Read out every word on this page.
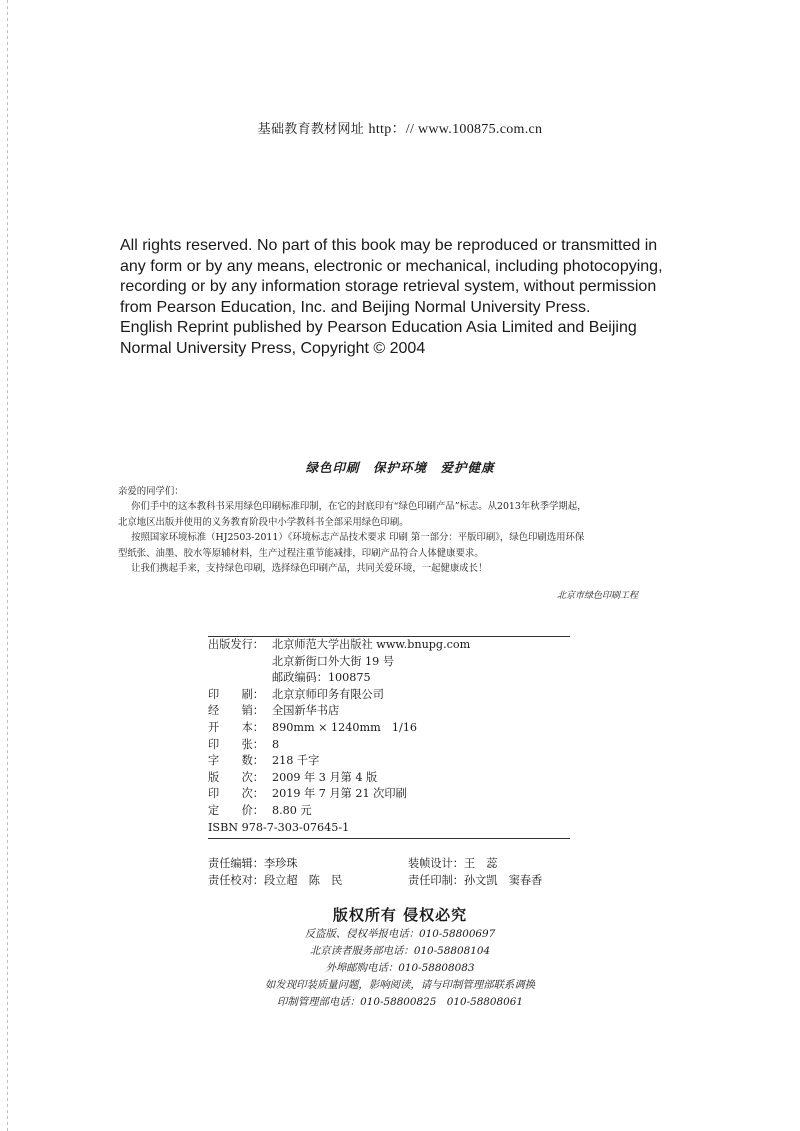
基础教育教材网址 http：// www.100875.com.cn

All rights reserved. No part of this book may be reproduced or transmitted in

any form or by any means, electronic or mechanical, including photocopying,

recording or by any information storage retrieval system, without permission

from Pearson Education, Inc. and Beijing Normal University Press.

English Reprint published by Pearson Education Asia Limited and Beijing

Normal University Press, Copyright © 2004

绿色印刷　保护环境　爱护健康

亲爱的同学们：

你们手中的这本教科书采用绿色印刷标准印制，在它的封底印有“绿色印刷产品”标志。从2013年秋季学期起，

北京地区出版并使用的义务教育阶段中小学教科书全部采用绿色印刷。

按照国家环境标准（HJ2503-2011）《环境标志产品技术要求 印刷 第一部分：平版印刷》，绿色印刷选用环保

型纸张、油墨、胶水等原辅材料，生产过程注重节能减排，印刷产品符合人体健康要求。

让我们携起手来，支持绿色印刷，选择绿色印刷产品，共同关爱环境，一起健康成长！

北京市绿色印刷工程
出版发行： 北京师范大学出版社 www.bnupg.com
北京新街口外大街 19 号
邮政编码：100875
印　　刷： 北京京师印务有限公司
经　　销： 全国新华书店
开　　本： 890mm × 1240mm　1/16
印　　张： 8
字　　数： 218 千字
版　　次： 2009 年 3 月第 4 版
印　　次： 2019 年 7 月第 21 次印刷
定　　价： 8.80 元
ISBN 978-7-303-07645-1
责任编辑：李珍珠	装帧设计：王　蕊
责任校对：段立超　陈　民	责任印制：孙文凯　窦春香
版权所有 侵权必究
反盗版、侵权举报电话：010-58800697
北京读者服务部电话：010-58808104
外埠邮购电话：010-58808083
如发现印装质量问题，影响阅读，请与印制管理部联系调换
印制管理部电话：010-58800825　010-58808061
